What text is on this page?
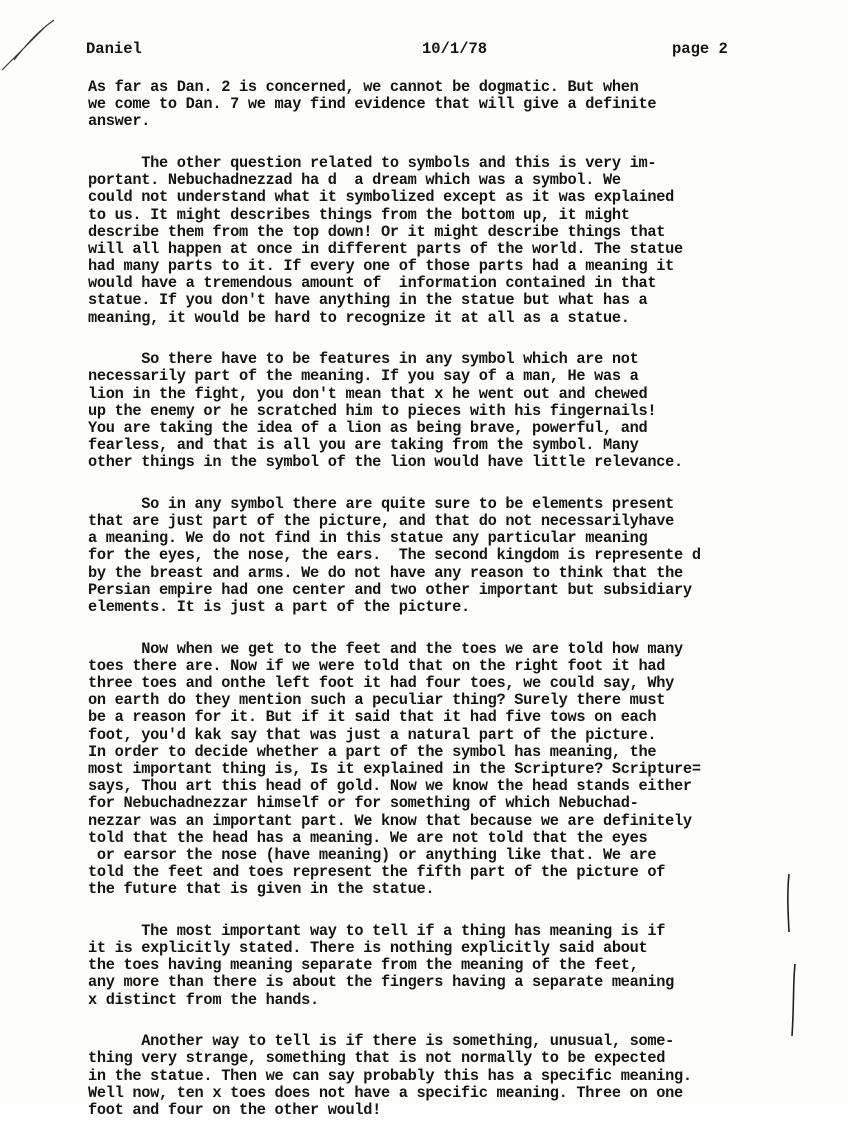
Daniel	10/1/78	page 2
As far as Dan. 2 is concerned, we cannot be dogmatic. But when
we come to Dan. 7 we may find evidence that will give a definite
answer.
The other question related to symbols and this is very im-
portant. Nebuchadnezzad ha d  a dream which was a symbol. We
could not understand what it symbolized except as it was explained
to us. It might describes things from the bottom up, it might
describe them from the top down! Or it might describe things that
will all happen at once in different parts of the world. The statue
had many parts to it. If every one of those parts had a meaning it
would have a tremendous amount of  information contained in that
statue. If you don't have anything in the statue but what has a
meaning, it would be hard to recognize it at all as a statue.
So there have to be features in any symbol which are not
necessarily part of the meaning. If you say of a man, He was a
lion in the fight, you don't mean that x he went out and chewed
up the enemy or he scratched him to pieces with his fingernails!
You are taking the idea of a lion as being brave, powerful, and
fearless, and that is all you are taking from the symbol. Many
other things in the symbol of the lion would have little relevance.
So in any symbol there are quite sure to be elements present
that are just part of the picture, and that do not necessarilyhave
a meaning. We do not find in this statue any particular meaning
for the eyes, the nose, the ears.  The second kingdom is represente d
by the breast and arms. We do not have any reason to think that the
Persian empire had one center and two other important but subsidiary
elements. It is just a part of the picture.
Now when we get to the feet and the toes we are told how many
toes there are. Now if we were told that on the right foot it had
three toes and onthe left foot it had four toes, we could say, Why
on earth do they mention such a peculiar thing? Surely there must
be a reason for it. But if it said that it had five tows on each
foot, you'd kak say that was just a natural part of the picture.
In order to decide whether a part of the symbol has meaning, the
most important thing is, Is it explained in the Scripture? Scripture=
says, Thou art this head of gold. Now we know the head stands either
for Nebuchadnezzar himself or for something of which Nebuchad-
nezzar was an important part. We know that because we are definitely
told that the head has a meaning. We are not told that the eyes
or earsor the nose (have meaning) or anything like that. We are
told the feet and toes represent the fifth part of the picture of
the future that is given in the statue.
The most important way to tell if a thing has meaning is if
it is explicitly stated. There is nothing explicitly said about
the toes having meaning separate from the meaning of the feet,
any more than there is about the fingers having a separate meaning
x distinct from the hands.
Another way to tell is if there is something, unusual, some-
thing very strange, something that is not normally to be expected
in the statue. Then we can say probably this has a specific meaning.
Well now, ten x toes does not have a specific meaning. Three on one
foot and four on the other would!
